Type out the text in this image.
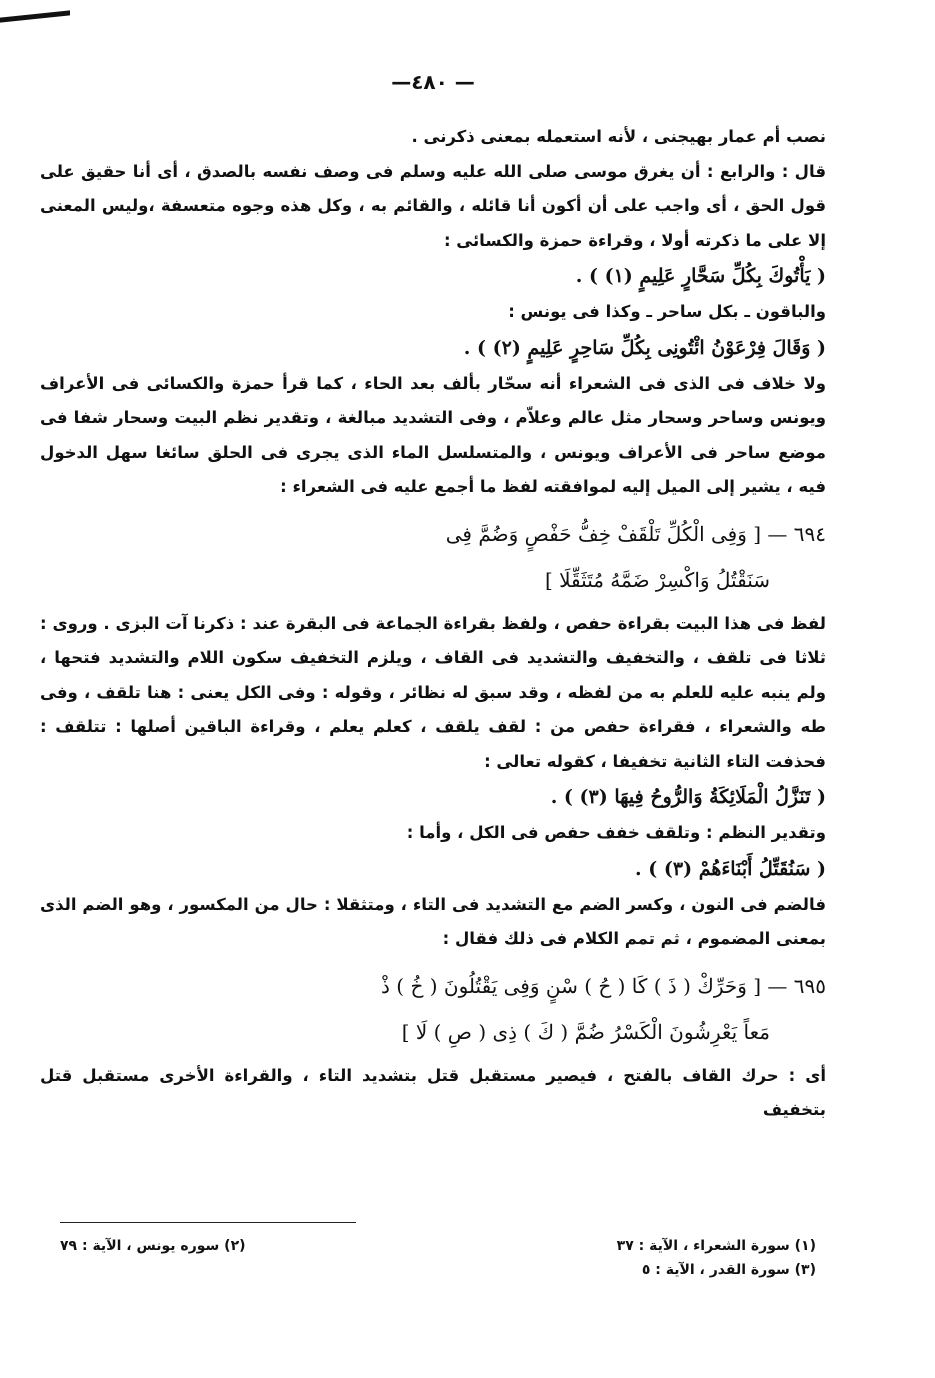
— ٤٨٠—
نصب أم عمار بهيجنى ، لأنه استعمله بمعنى ذكرنى .
قال : والرابع : أن يغرق موسى صلى الله عليه وسلم فى وصف نفسه بالصدق ، أى أنا حقيق على قول الحق ، أى واجب على أن أكون أنا قائله ، والقائم به ، وكل هذه وجوه متعسفة ،وليس المعنى إلا على ما ذكرته أولا ، وقراءة حمزة والكسائى :
( يَأْتُوكَ بِكُلِّ سَحَّارٍ عَلِيمٍ (١) ) .
والباقون ـ بكل ساحر ـ وكذا فى يونس :
( وَقَالَ فِرْعَوْنُ ائْتُونِى بِكُلِّ سَاحِرٍ عَلِيمٍ (٢) ) .
ولا خلاف فى الذى فى الشعراء أنه سحّار بألف بعد الحاء ، كما قرأ حمزة والكسائى فى الأعراف ويونس وساحر وسحار مثل عالم وعلاّم ، وفى التشديد مبالغة ، وتقدير نظم البيت وسحار شفا فى موضع ساحر فى الأعراف ويونس ، والمتسلسل الماء الذى يجرى فى الحلق سائغا سهل الدخول فيه ، يشير إلى الميل إليه لموافقته لفظ ما أجمع عليه فى الشعراء :
٦٩٤ — [ وَفِى الْكُلِّ تَلْقَفْ خِفُّ حَفْصٍ وَضُمَّ فِى
سَنَقْتُلُ وَاكْسِرْ ضَمَّهُ مُتَثَقِّلَا ]
لفظ فى هذا البيت بقراءة حفص ، ولفظ بقراءة الجماعة فى البقرة عند : ذكرنا آت البزى . وروى : ثلاثا فى تلقف ، والتخفيف والتشديد فى القاف ، ويلزم التخفيف سكون اللام والتشديد فتحها ، ولم ينبه عليه للعلم به من لفظه ، وقد سبق له نظائر ، وقوله : وفى الكل يعنى : هنا تلقف ، وفى طه والشعراء ، فقراءة حفص من : لقف يلقف ، كعلم يعلم ، وقراءة الباقين أصلها : تتلقف : فحذفت التاء الثانية تخفيفا ، كقوله تعالى :
( تَنَزَّلُ الْمَلَائِكَةُ وَالرُّوحُ فِيهَا (٣) ) .
وتقدير النظم : وتلقف خفف حفص فى الكل ، وأما :
( سَنُقَتِّلُ أَبْنَاءَهُمْ (٣) ) .
فالضم فى النون ، وكسر الضم مع التشديد فى التاء ، ومتثقلا : حال من المكسور ، وهو الضم الذى بمعنى المضموم ، ثم تمم الكلام فى ذلك فقال :
٦٩٥ — [ وَحَرِّكْ ( ذَ ) كَا ( حُ ) سْنٍ وَفِى يَقْتُلُونَ ( خُ ) ذْ
مَعاً يَعْرِشُونَ الْكَسْرُ ضُمَّ ( كَ ) ذِى ( صِ ) لَا ]
أى : حرك القاف بالفتح ، فيصير مستقبل قتل بتشديد التاء ، والقراءة الأخرى مستقبل قتل بتخفيف
(١) سورة الشعراء ، الآية : ٣٧
(٢) سوره يونس ، الآية : ٧٩
(٣) سورة القدر ، الآية : ٥
